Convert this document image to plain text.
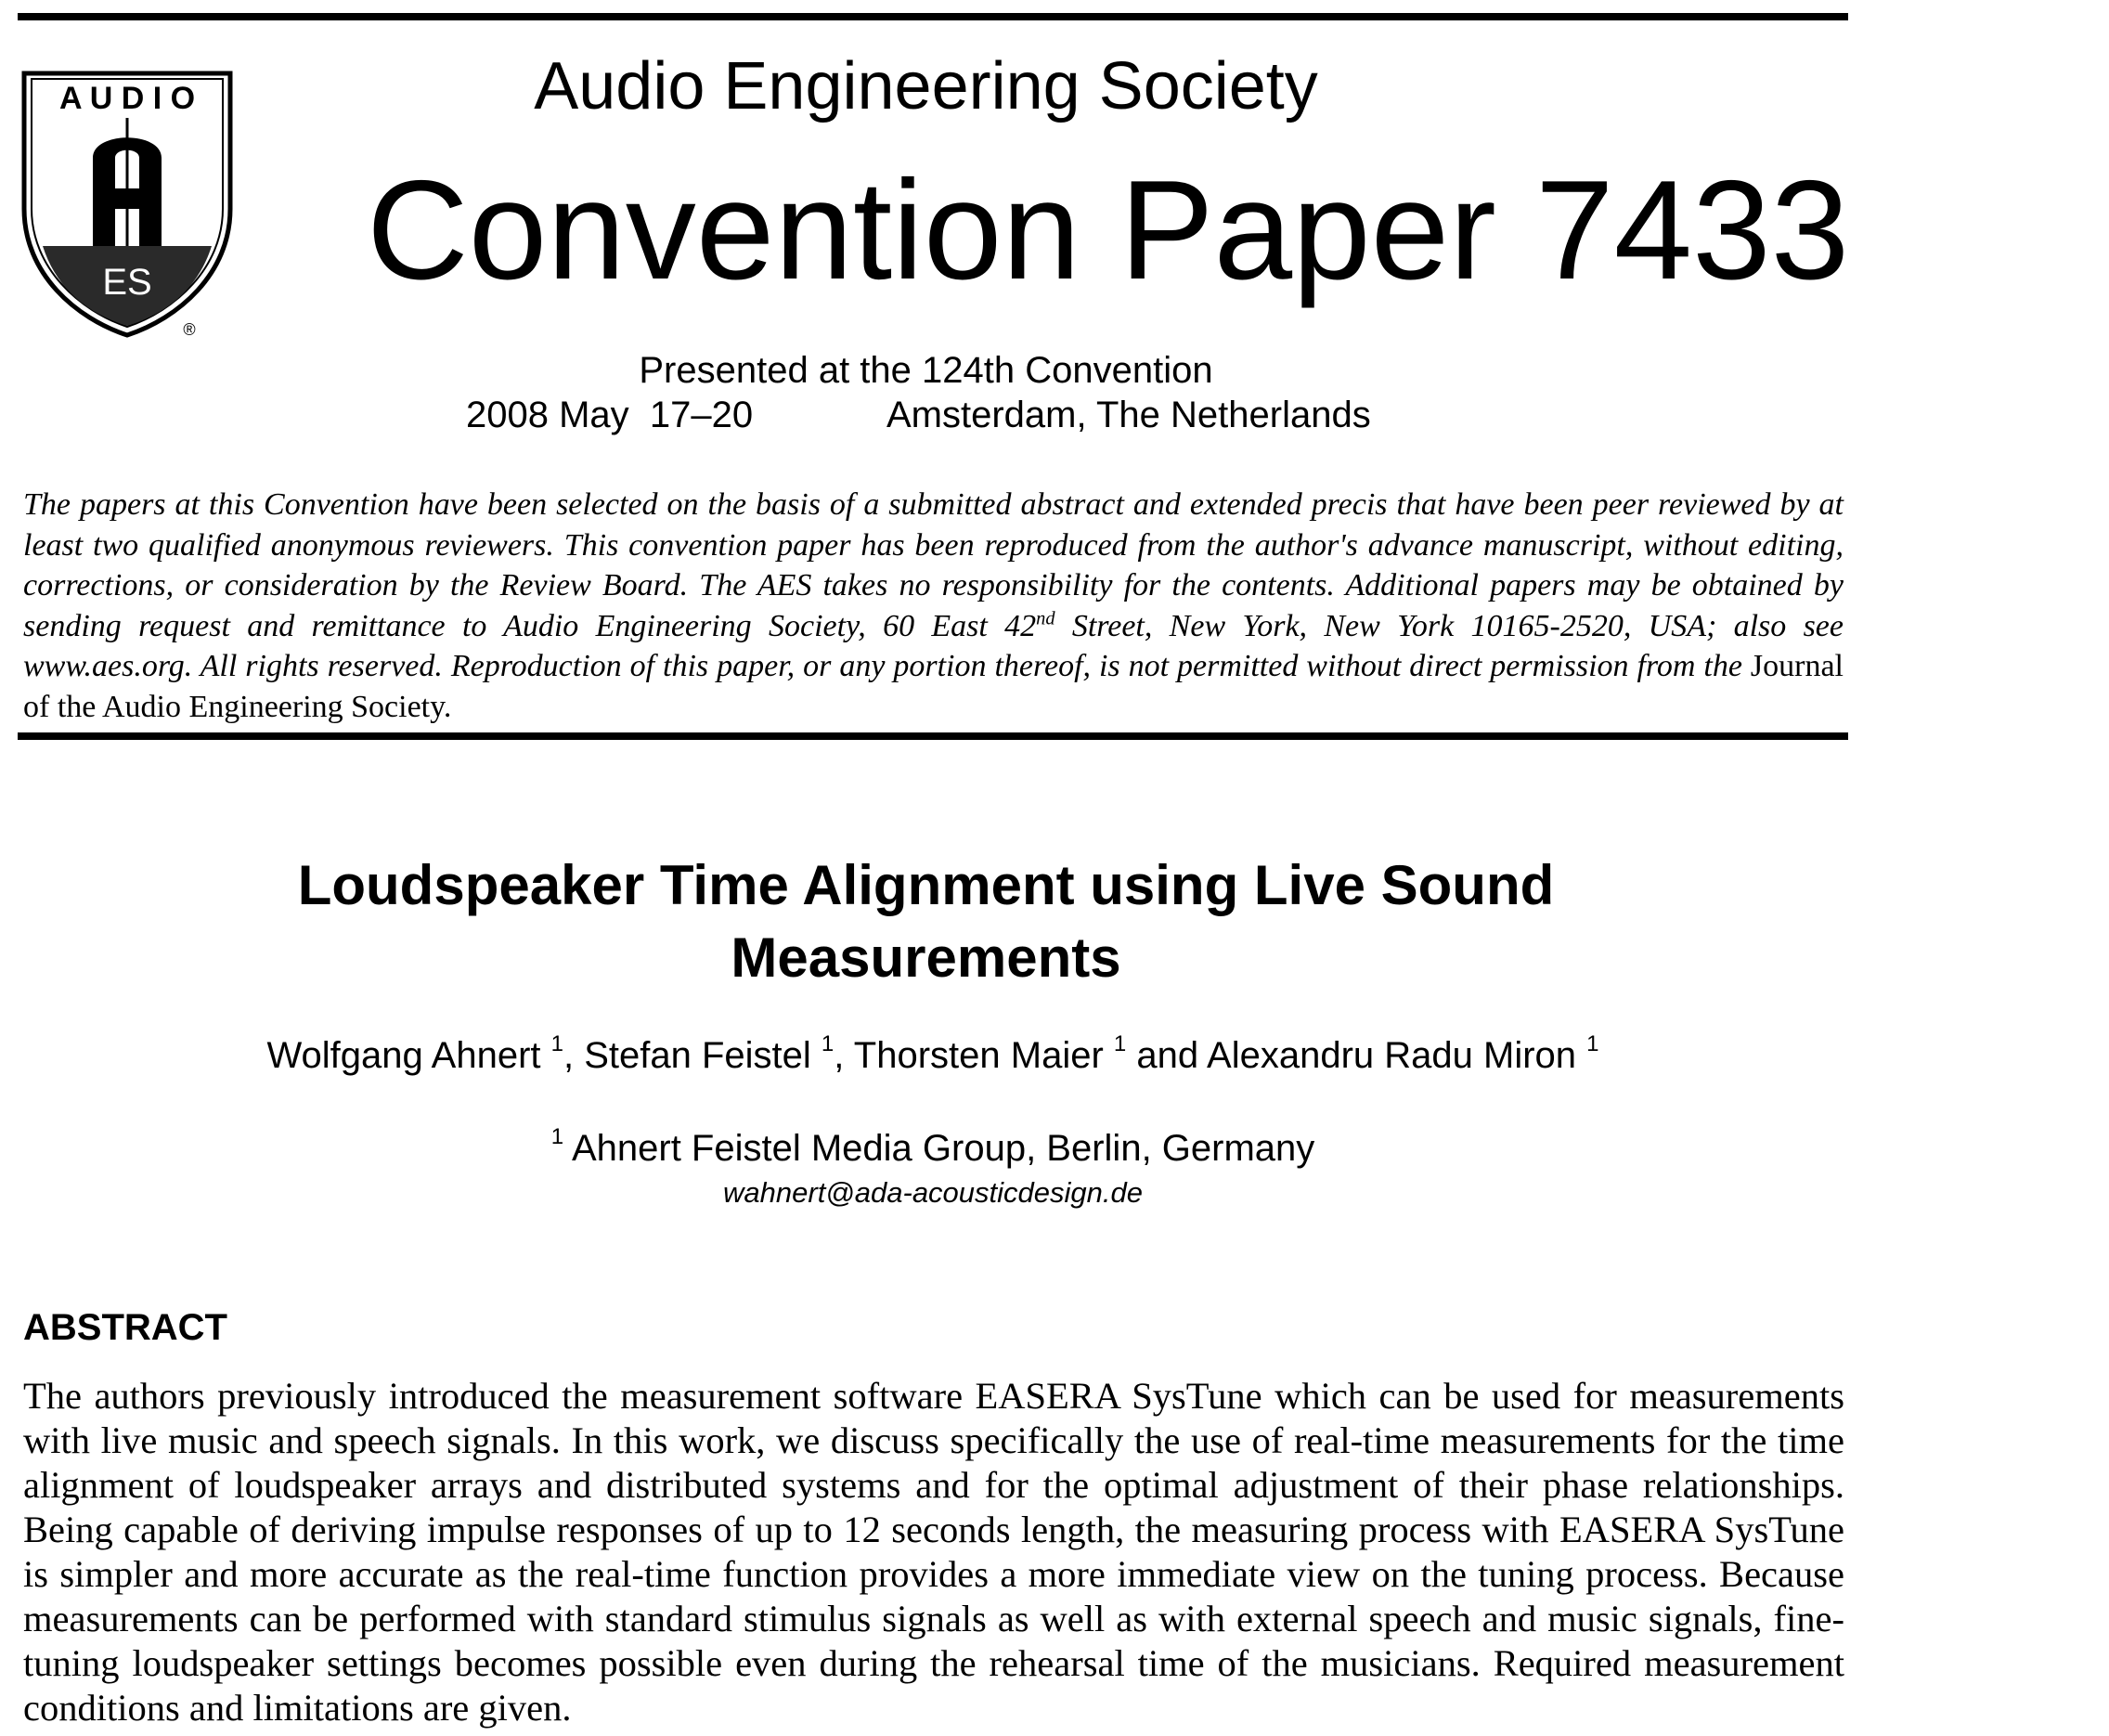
A U D I O
ES
®
Audio Engineering Society
Convention Paper 7433
Presented at the 124th Convention
2008 May  17–20	Amsterdam, The Netherlands
The papers at this Convention have been selected on the basis of a submitted abstract and extended precis that have been peer reviewed by at least two qualified anonymous reviewers. This convention paper has been reproduced from the author's advance manuscript, without editing, corrections, or consideration by the Review Board. The AES takes no responsibility for the contents. Additional papers may be obtained by sending request and remittance to Audio Engineering Society, 60 East 42nd Street, New York, New York 10165-2520, USA; also see www.aes.org. All rights reserved. Reproduction of this paper, or any portion thereof, is not permitted without direct permission from the Journal of the Audio Engineering Society.
Loudspeaker Time Alignment using Live Sound
Measurements
Wolfgang Ahnert $^1$, Stefan Feistel $^1$, Thorsten Maier $^1$ and Alexandru Radu Miron $^1$
$^1$ Ahnert Feistel Media Group, Berlin, Germany
wahnert@ada-acousticdesign.de
ABSTRACT
The authors previously introduced the measurement software EASERA SysTune which can be used for measurements with live music and speech signals. In this work, we discuss specifically the use of real-time measurements for the time alignment of loudspeaker arrays and distributed systems and for the optimal adjustment of their phase relationships. Being capable of deriving impulse responses of up to 12 seconds length, the measuring process with EASERA SysTune is simpler and more accurate as the real-time function provides a more immediate view on the tuning process. Because measurements can be performed with standard stimulus signals as well as with external speech and music signals, fine-tuning loudspeaker settings becomes possible even during the rehearsal time of the musicians. Required measurement conditions and limitations are given.
